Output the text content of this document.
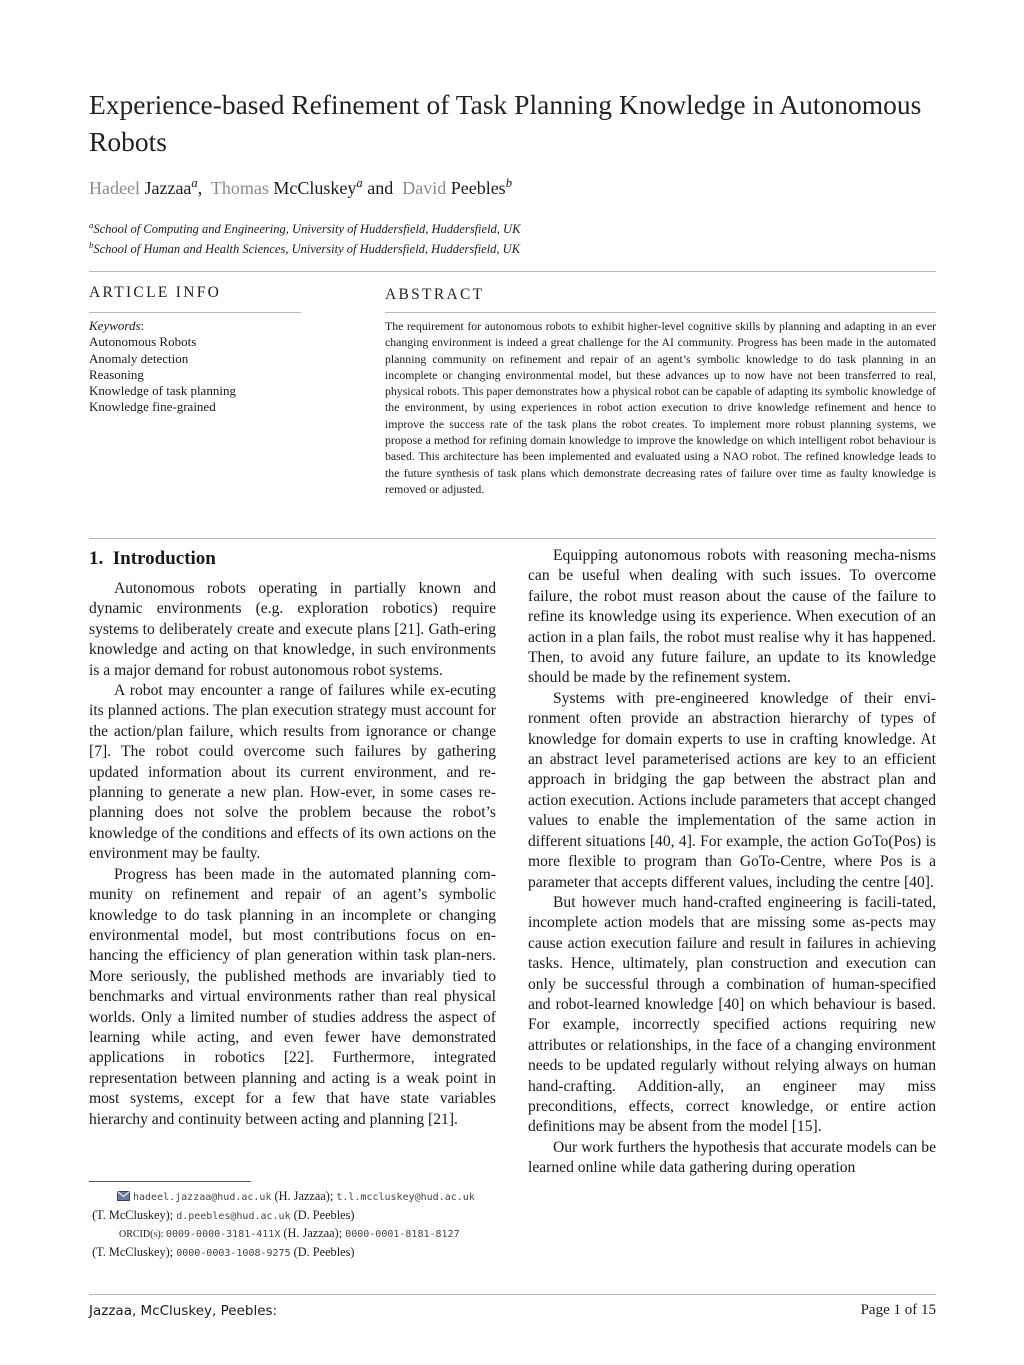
Experience-based Refinement of Task Planning Knowledge in Autonomous Robots
Hadeel Jazzaa$^a$,  Thomas McCluskey$^a$ and  David Peebles$^b$
$^a$School of Computing and Engineering, University of Huddersfield, Huddersfield, UK
$^b$School of Human and Health Sciences, University of Huddersfield, Huddersfield, UK
ARTICLE INFO
Keywords:
Autonomous Robots
Anomaly detection
Reasoning
Knowledge of task planning
Knowledge fine-grained
ABSTRACT
The requirement for autonomous robots to exhibit higher-level cognitive skills by planning and adapting in an ever changing environment is indeed a great challenge for the AI community. Progress has been made in the automated planning community on refinement and repair of an agent’s symbolic knowledge to do task planning in an incomplete or changing environmental model, but these advances up to now have not been transferred to real, physical robots. This paper demonstrates how a physical robot can be capable of adapting its symbolic knowledge of the environment, by using experiences in robot action execution to drive knowledge refinement and hence to improve the success rate of the task plans the robot creates. To implement more robust planning systems, we propose a method for refining domain knowledge to improve the knowledge on which intelligent robot behaviour is based. This architecture has been implemented and evaluated using a NAO robot. The refined knowledge leads to the future synthesis of task plans which demonstrate decreasing rates of failure over time as faulty knowledge is removed or adjusted.
1.  Introduction

Autonomous robots operating in partially known and dynamic environments (e.g. exploration robotics) require systems to deliberately create and execute plans [21]. Gath-ering knowledge and acting on that knowledge, in such environments is a major demand for robust autonomous robot systems.

A robot may encounter a range of failures while ex-ecuting its planned actions. The plan execution strategy must account for the action/plan failure, which results from ignorance or change [7]. The robot could overcome such failures by gathering updated information about its current environment, and re-planning to generate a new plan. How-ever, in some cases re-planning does not solve the problem because the robot’s knowledge of the conditions and effects of its own actions on the environment may be faulty.

Progress has been made in the automated planning com-munity on refinement and repair of an agent’s symbolic knowledge to do task planning in an incomplete or changing environmental model, but most contributions focus on en-hancing the efficiency of plan generation within task plan-ners. More seriously, the published methods are invariably tied to benchmarks and virtual environments rather than real physical worlds. Only a limited number of studies address the aspect of learning while acting, and even fewer have demonstrated applications in robotics [22]. Furthermore, integrated representation between planning and acting is a weak point in most systems, except for a few that have state variables hierarchy and continuity between acting and planning [21].

Equipping autonomous robots with reasoning mecha-nisms can be useful when dealing with such issues. To overcome failure, the robot must reason about the cause of the failure to refine its knowledge using its experience. When execution of an action in a plan fails, the robot must realise why it has happened. Then, to avoid any future failure, an update to its knowledge should be made by the refinement system.

Systems with pre-engineered knowledge of their envi-ronment often provide an abstraction hierarchy of types of knowledge for domain experts to use in crafting knowledge. At an abstract level parameterised actions are key to an efficient approach in bridging the gap between the abstract plan and action execution. Actions include parameters that accept changed values to enable the implementation of the same action in different situations [40, 4]. For example, the action GoTo(Pos) is more flexible to program than GoTo-Centre, where Pos is a parameter that accepts different values, including the centre [40].

But however much hand-crafted engineering is facili-tated, incomplete action models that are missing some as-pects may cause action execution failure and result in failures in achieving tasks. Hence, ultimately, plan construction and execution can only be successful through a combination of human-specified and robot-learned knowledge [40] on which behaviour is based. For example, incorrectly specified actions requiring new attributes or relationships, in the face of a changing environment needs to be updated regularly without relying always on human hand-crafting. Addition-ally, an engineer may miss preconditions, effects, correct knowledge, or entire action definitions may be absent from the model [15].

Our work furthers the hypothesis that accurate models can be learned online while data gathering during operation

hadeel.jazzaa@hud.ac.uk (H. Jazzaa); t.l.mccluskey@hud.ac.uk (T. McCluskey); d.peebles@hud.ac.uk (D. Peebles)

ORCID(s): 0009-0000-3181-411X (H. Jazzaa); 0000-0001-8181-8127 (T. McCluskey); 0000-0003-1008-9275 (D. Peebles)

Jazzaa, McCluskey, Peebles:	Page 1 of 15
